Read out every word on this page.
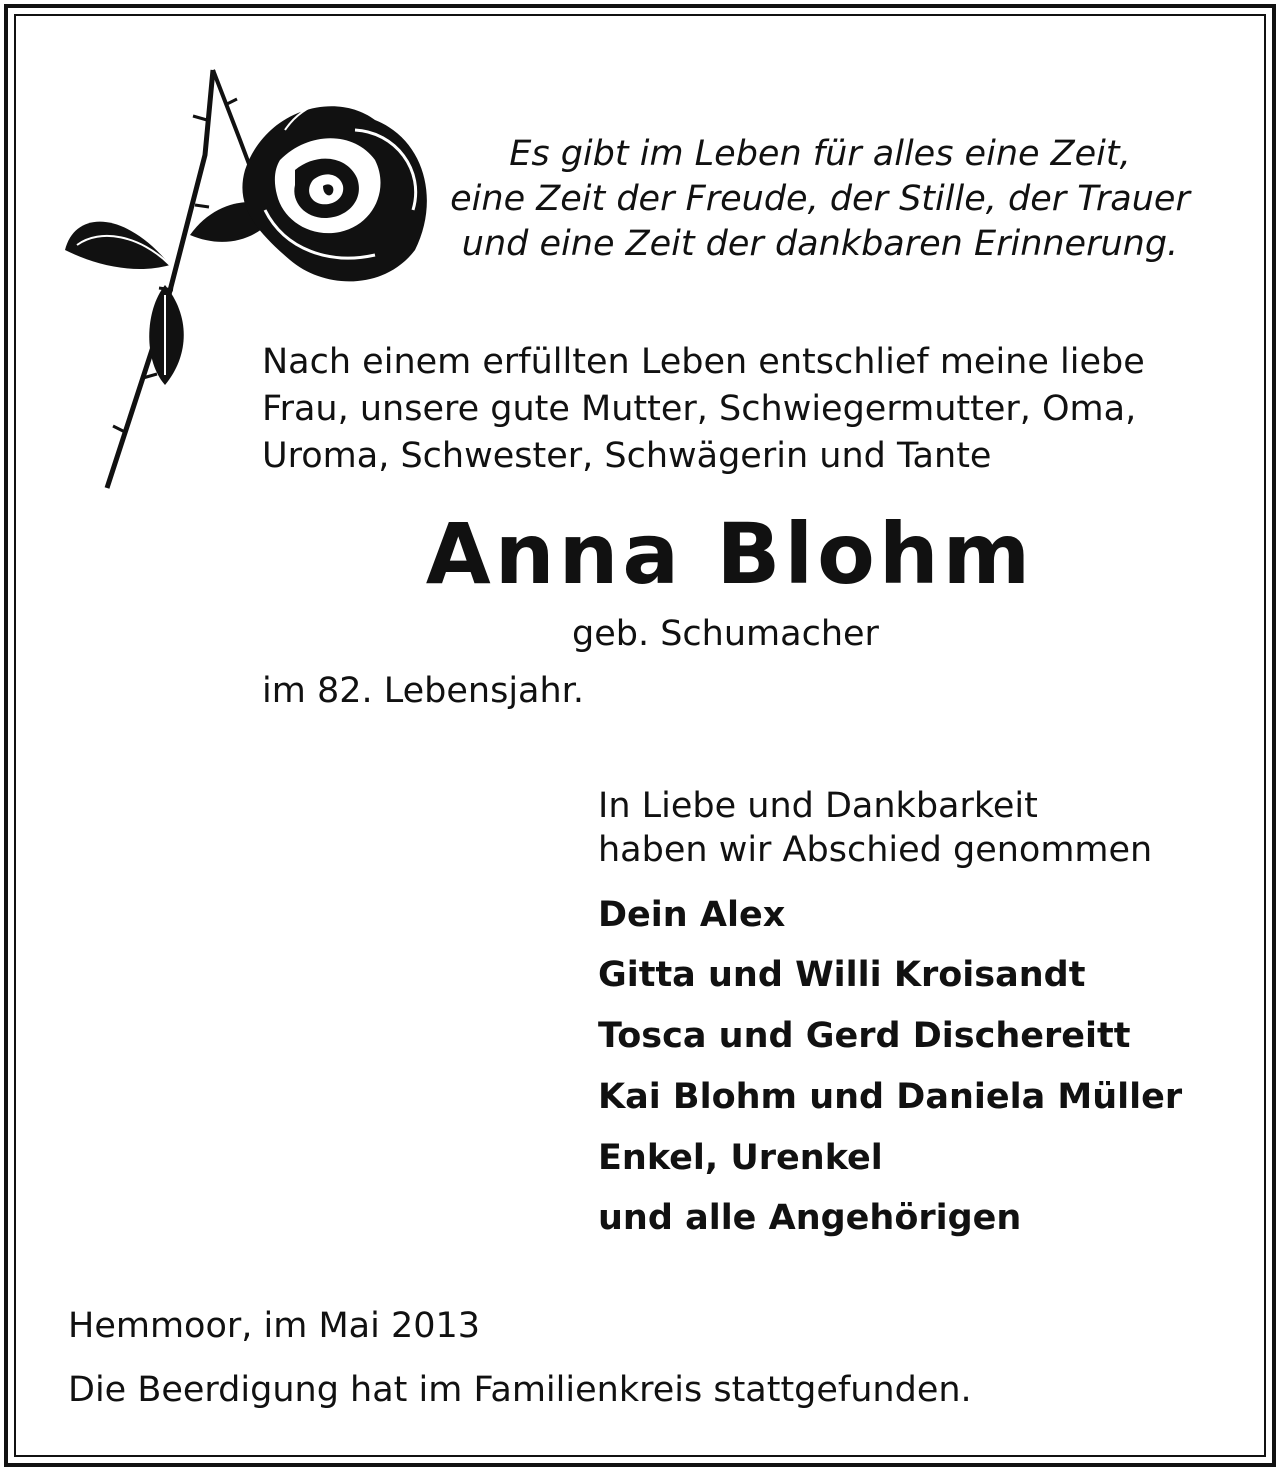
Es gibt im Leben für alles eine Zeit,
eine Zeit der Freude, der Stille, der Trauer
und eine Zeit der dankbaren Erinnerung.
Nach einem erfüllten Leben entschlief meine liebe
Frau, unsere gute Mutter, Schwiegermutter, Oma,
Uroma, Schwester, Schwägerin und Tante
Anna Blohm
geb. Schumacher
im 82. Lebensjahr.
In Liebe und Dankbarkeit
haben wir Abschied genommen
Dein Alex
Gitta und Willi Kroisandt
Tosca und Gerd Dischereitt
Kai Blohm und Daniela Müller
Enkel, Urenkel
und alle Angehörigen
Hemmoor, im Mai 2013
Die Beerdigung hat im Familienkreis stattgefunden.
